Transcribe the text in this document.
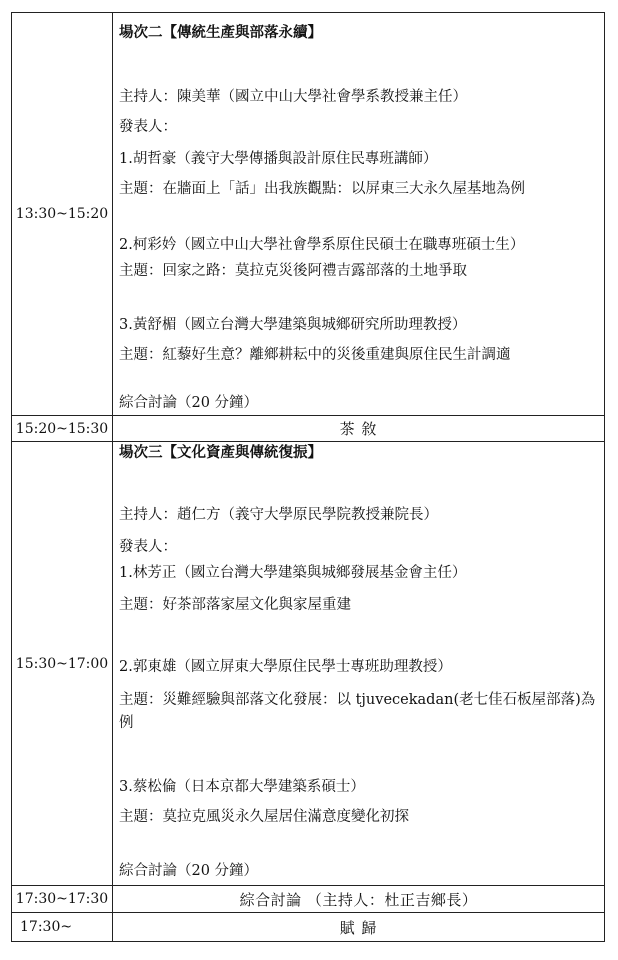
13:30~15:20
場次二【傳統生產與部落永續】
主持人：陳美華（國立中山大學社會學系教授兼主任）
發表人：
1.胡哲豪（義守大學傳播與設計原住民專班講師）
主題：在牆面上「話」出我族觀點：以屏東三大永久屋基地為例
2.柯彩妗（國立中山大學社會學系原住民碩士在職專班碩士生）
主題：回家之路：莫拉克災後阿禮吉露部落的土地爭取
3.黃舒楣（國立台灣大學建築與城鄉研究所助理教授）
主題：紅藜好生意？離鄉耕耘中的災後重建與原住民生計調適
綜合討論（20 分鐘）
15:20~15:30	茶 敘
15:30~17:00
場次三【文化資產與傳統復振】
主持人：趙仁方（義守大學原民學院教授兼院長）
發表人：
1.林芳正（國立台灣大學建築與城鄉發展基金會主任）
主題：好茶部落家屋文化與家屋重建
2.郭東雄（國立屏東大學原住民學士專班助理教授）
主題：災難經驗與部落文化發展：以 tjuvecekadan(老七佳石板屋部落)為例
3.蔡松倫（日本京都大學建築系碩士）
主題：莫拉克風災永久屋居住滿意度變化初探
綜合討論（20 分鐘）
17:30~17:30	綜合討論 （主持人：杜正吉鄉長）
17:30~	賦 歸
